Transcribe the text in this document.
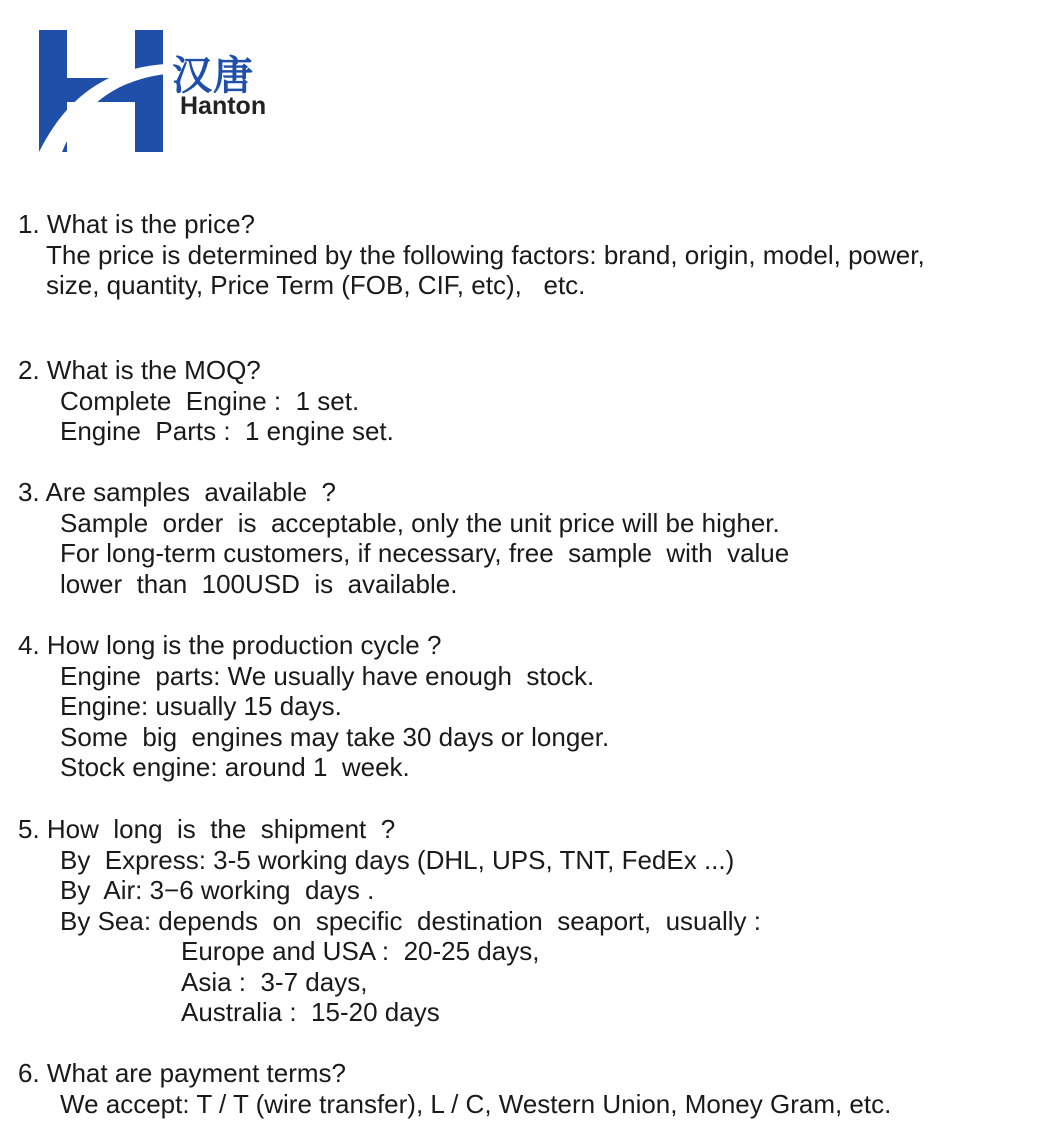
汉唐
Hanton

1. What is the price?

The price is determined by the following factors: brand, origin, model, power,

size, quantity, Price Term (FOB, CIF, etc),   etc.

2. What is the MOQ?

Complete  Engine :  1 set.

Engine  Parts :  1 engine set.

3. Are samples  available  ?

Sample  order  is  acceptable, only the unit price will be higher.

For long-term customers, if necessary, free  sample  with  value

lower  than  100USD  is  available.

4. How long is the production cycle ?

Engine  parts: We usually have enough  stock.

Engine: usually 15 days.

Some  big  engines may take 30 days or longer.

Stock engine: around 1  week.

5. How  long  is  the  shipment  ?

By  Express: 3-5 working days (DHL, UPS, TNT, FedEx ...)

By  Air: 3−6 working  days .

By Sea: depends  on  specific  destination  seaport,  usually :

Europe and USA :  20-25 days,

Asia :  3-7 days,

Australia :  15-20 days

6. What are payment terms?

We accept: T / T (wire transfer), L / C, Western Union, Money Gram, etc.
